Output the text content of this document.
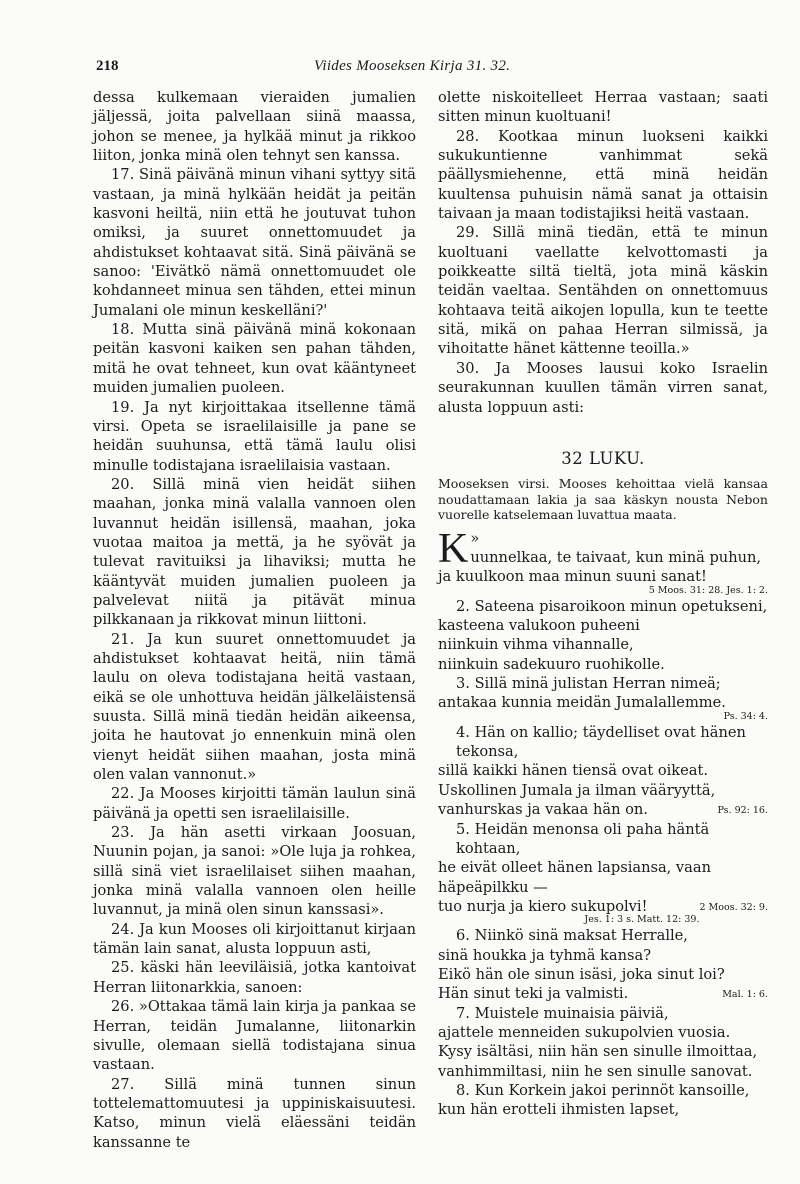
218	Viides Mooseksen Kirja 31. 32.

dessa kulkemaan vieraiden jumalien jäljessä, joita palvellaan siinä maassa, johon se menee, ja hylkää minut ja rikkoo liiton, jonka minä olen tehnyt sen kanssa.

17. Sinä päivänä minun vihani syttyy sitä vastaan, ja minä hylkään heidät ja peitän kasvoni heiltä, niin että he joutuvat tuhon omiksi, ja suuret onnettomuudet ja ahdistukset kohtaavat sitä. Sinä päivänä se sanoo: 'Eivätkö nämä onnettomuudet ole kohdanneet minua sen tähden, ettei minun Jumalani ole minun keskelläni?'

18. Mutta sinä päivänä minä kokonaan peitän kasvoni kaiken sen pahan tähden, mitä he ovat tehneet, kun ovat kääntyneet muiden jumalien puoleen.

19. Ja nyt kirjoittakaa itsellenne tämä virsi. Opeta se israelilaisille ja pane se heidän suuhunsa, että tämä laulu olisi minulle todistajana israelilaisia vastaan.

20. Sillä minä vien heidät siihen maahan, jonka minä valalla vannoen olen luvannut heidän isillensä, maahan, joka vuotaa maitoa ja mettä, ja he syövät ja tulevat ravituiksi ja lihaviksi; mutta he kääntyvät muiden jumalien puoleen ja palvelevat niitä ja pitävät minua pilkkanaan ja rikkovat minun liittoni.

21. Ja kun suuret onnettomuudet ja ahdistukset kohtaavat heitä, niin tämä laulu on oleva todistajana heitä vastaan, eikä se ole unhottuva heidän jälkeläistensä suusta. Sillä minä tiedän heidän aikeensa, joita he hautovat jo ennenkuin minä olen vienyt heidät siihen maahan, josta minä olen valan vannonut.»

22. Ja Mooses kirjoitti tämän laulun sinä päivänä ja opetti sen israelilaisille.

23. Ja hän asetti virkaan Joosuan, Nuunin pojan, ja sanoi: »Ole luja ja rohkea, sillä sinä viet israelilaiset siihen maahan, jonka minä valalla vannoen olen heille luvannut, ja minä olen sinun kanssasi».

24. Ja kun Mooses oli kirjoittanut kirjaan tämän lain sanat, alusta loppuun asti,

25. käski hän leeviläisiä, jotka kantoivat Herran liitonarkkia, sanoen:

26. »Ottakaa tämä lain kirja ja pankaa se Herran, teidän Jumalanne, liitonarkin sivulle, olemaan siellä todistajana sinua vastaan.

27. Sillä minä tunnen sinun tottelemattomuutesi ja uppiniskaisuutesi. Katso, minun vielä eläessäni teidän kanssanne te

olette niskoitelleet Herraa vastaan; saati sitten minun kuoltuani!

28. Kootkaa minun luokseni kaikki sukukuntienne vanhimmat sekä päällysmiehenne, että minä heidän kuultensa puhuisin nämä sanat ja ottaisin taivaan ja maan todistajiksi heitä vastaan.

29. Sillä minä tiedän, että te minun kuoltuani vaellatte kelvottomasti ja poikkeatte siltä tieltä, jota minä käskin teidän vaeltaa. Sentähden on onnettomuus kohtaava teitä aikojen lopulla, kun te teette sitä, mikä on pahaa Herran silmissä, ja vihoitatte hänet kättenne teoilla.»

30. Ja Mooses lausui koko Israelin seurakunnan kuullen tämän virren sanat, alusta loppuun asti:

32 LUKU.

Mooseksen virsi. Mooses kehoittaa vielä kansaa noudattamaan lakia ja saa käskyn nousta Nebon vuorelle katselemaan luvattua maata.

»
K uunnelkaa, te taivaat, kun minä puhun,
ja kuulkoon maa minun suuni sanat!
5 Moos. 31: 28. Jes. 1: 2.
2. Sateena pisaroikoon minun opetukseni,
kasteena valukoon puheeni
niinkuin vihma vihannalle,
niinkuin sadekuuro ruohikolle.
3. Sillä minä julistan Herran nimeä;
antakaa kunnia meidän Jumalallemme.
Ps. 34: 4.
4. Hän on kallio; täydelliset ovat hänen tekonsa,
sillä kaikki hänen tiensä ovat oikeat.
Uskollinen Jumala ja ilman vääryyttä,
vanhurskas ja vakaa hän on.	Ps. 92: 16.
5. Heidän menonsa oli paha häntä kohtaan,
he eivät olleet hänen lapsiansa, vaan häpeäpilkku —
tuo nurja ja kiero sukupolvi!	2 Moos. 32: 9.
Jes. 1: 3 s. Matt. 12: 39.
6. Niinkö sinä maksat Herralle,
sinä houkka ja tyhmä kansa?
Eikö hän ole sinun isäsi, joka sinut loi?
Hän sinut teki ja valmisti.	Mal. 1: 6.
7. Muistele muinaisia päiviä,
ajattele menneiden sukupolvien vuosia.
Kysy isältäsi, niin hän sen sinulle ilmoittaa,
vanhimmiltasi, niin he sen sinulle sanovat.
8. Kun Korkein jakoi perinnöt kansoille,
kun hän erotteli ihmisten lapset,
